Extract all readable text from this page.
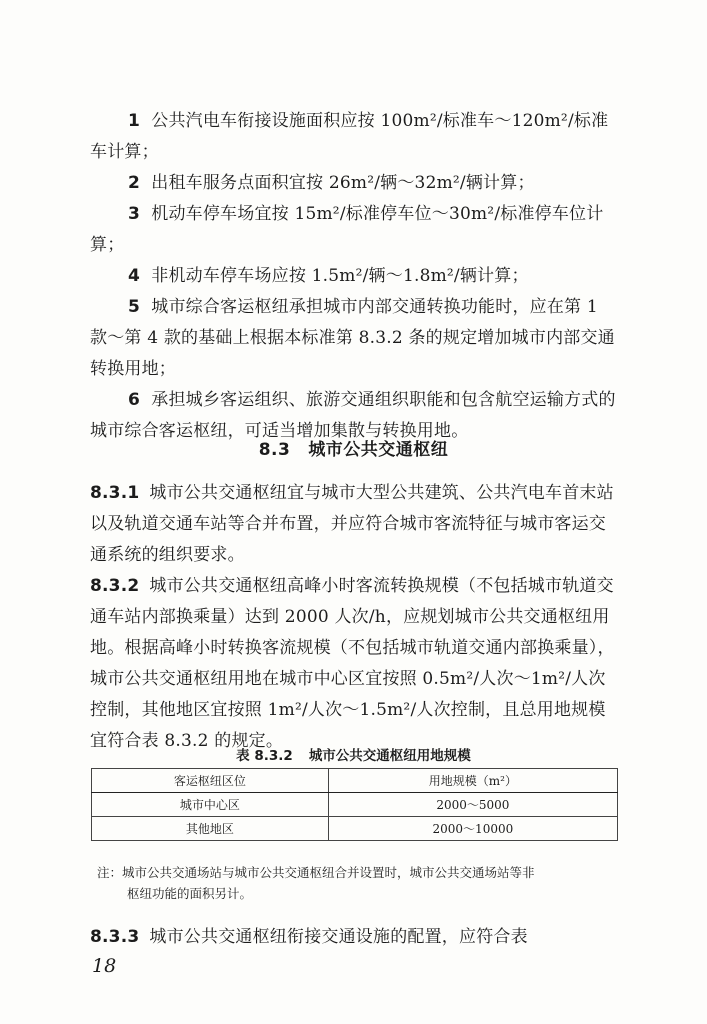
1 公共汽电车衔接设施面积应按 100m²/标准车～120m²/标准车计算；

2 出租车服务点面积宜按 26m²/辆～32m²/辆计算；

3 机动车停车场宜按 15m²/标准停车位～30m²/标准停车位计算；

4 非机动车停车场应按 1.5m²/辆～1.8m²/辆计算；

5 城市综合客运枢纽承担城市内部交通转换功能时，应在第 1 款～第 4 款的基础上根据本标准第 8.3.2 条的规定增加城市内部交通转换用地；

6 承担城乡客运组织、旅游交通组织职能和包含航空运输方式的城市综合客运枢纽，可适当增加集散与转换用地。

8.3 城市公共交通枢纽

8.3.1 城市公共交通枢纽宜与城市大型公共建筑、公共汽电车首末站以及轨道交通车站等合并布置，并应符合城市客流特征与城市客运交通系统的组织要求。

8.3.2 城市公共交通枢纽高峰小时客流转换规模（不包括城市轨道交通车站内部换乘量）达到 2000 人次/h，应规划城市公共交通枢纽用地。根据高峰小时转换客流规模（不包括城市轨道交通内部换乘量），城市公共交通枢纽用地在城市中心区宜按照 0.5m²/人次～1m²/人次控制，其他地区宜按照 1m²/人次～1.5m²/人次控制，且总用地规模宜符合表 8.3.2 的规定。

表 8.3.2 城市公共交通枢纽用地规模
客运枢纽区位	用地规模（m²）
城市中心区	2000～5000
其他地区	2000～10000
注：城市公共交通场站与城市公共交通枢纽合并设置时，城市公共交通场站等非
枢纽功能的面积另计。

8.3.3 城市公共交通枢纽衔接交通设施的配置，应符合表

18
